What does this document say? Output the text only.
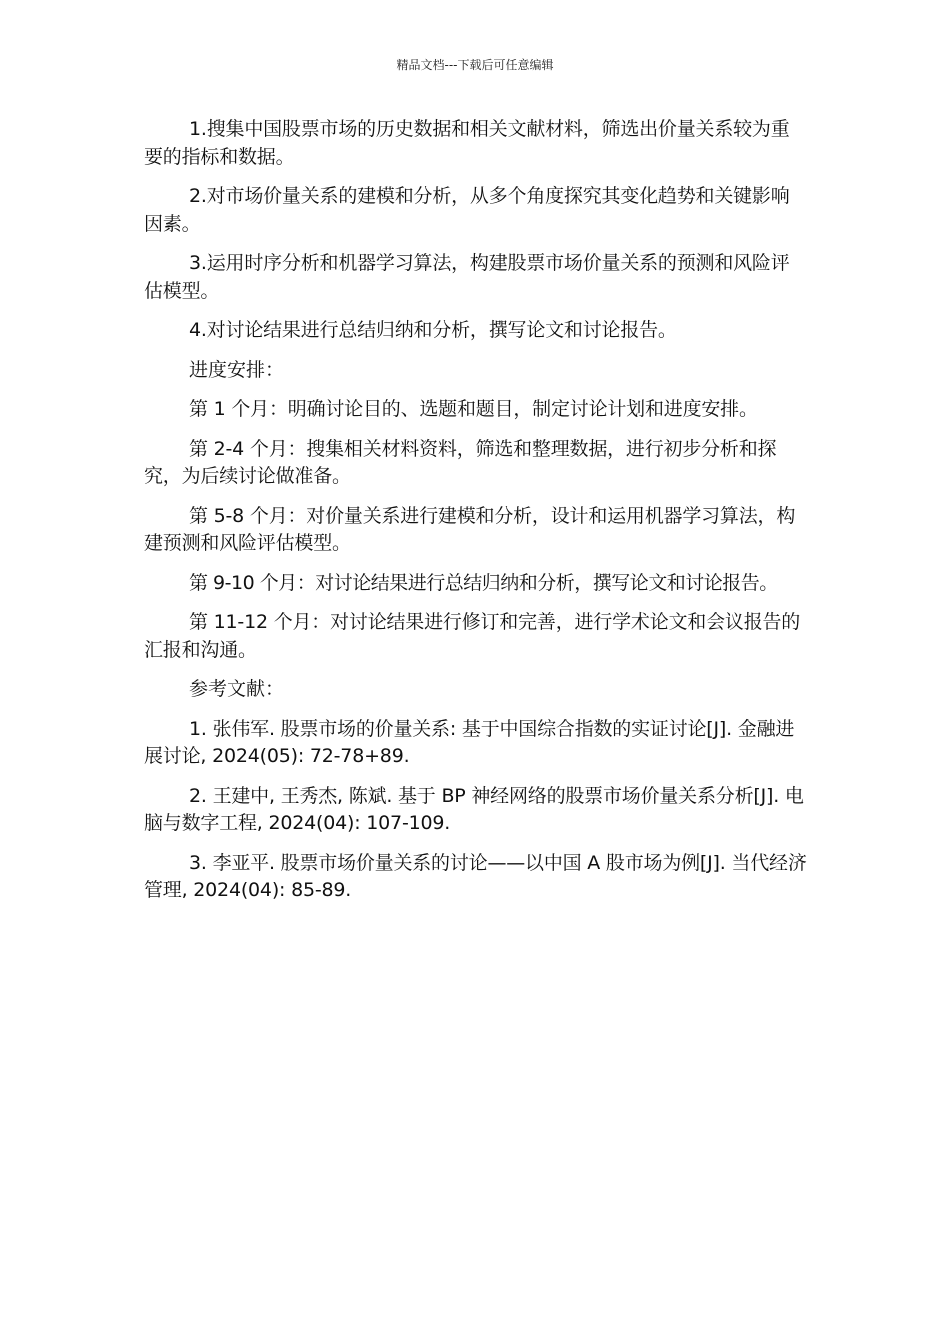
精品文档---下载后可任意编辑

1.搜集中国股票市场的历史数据和相关文献材料，筛选出价量关系较为重要的指标和数据。

2.对市场价量关系的建模和分析，从多个角度探究其变化趋势和关键影响因素。

3.运用时序分析和机器学习算法，构建股票市场价量关系的预测和风险评估模型。

4.对讨论结果进行总结归纳和分析，撰写论文和讨论报告。

进度安排：

第 1 个月：明确讨论目的、选题和题目，制定讨论计划和进度安排。

第 2-4 个月：搜集相关材料资料，筛选和整理数据，进行初步分析和探究，为后续讨论做准备。

第 5-8 个月：对价量关系进行建模和分析，设计和运用机器学习算法，构建预测和风险评估模型。

第 9-10 个月：对讨论结果进行总结归纳和分析，撰写论文和讨论报告。

第 11-12 个月：对讨论结果进行修订和完善，进行学术论文和会议报告的汇报和沟通。

参考文献：

1. 张伟军. 股票市场的价量关系: 基于中国综合指数的实证讨论[J]. 金融进展讨论, 2024(05): 72-78+89.

2. 王建中, 王秀杰, 陈斌. 基于 BP 神经网络的股票市场价量关系分析[J]. 电脑与数字工程, 2024(04): 107-109.

3. 李亚平. 股票市场价量关系的讨论——以中国 A 股市场为例[J]. 当代经济管理, 2024(04): 85-89.
